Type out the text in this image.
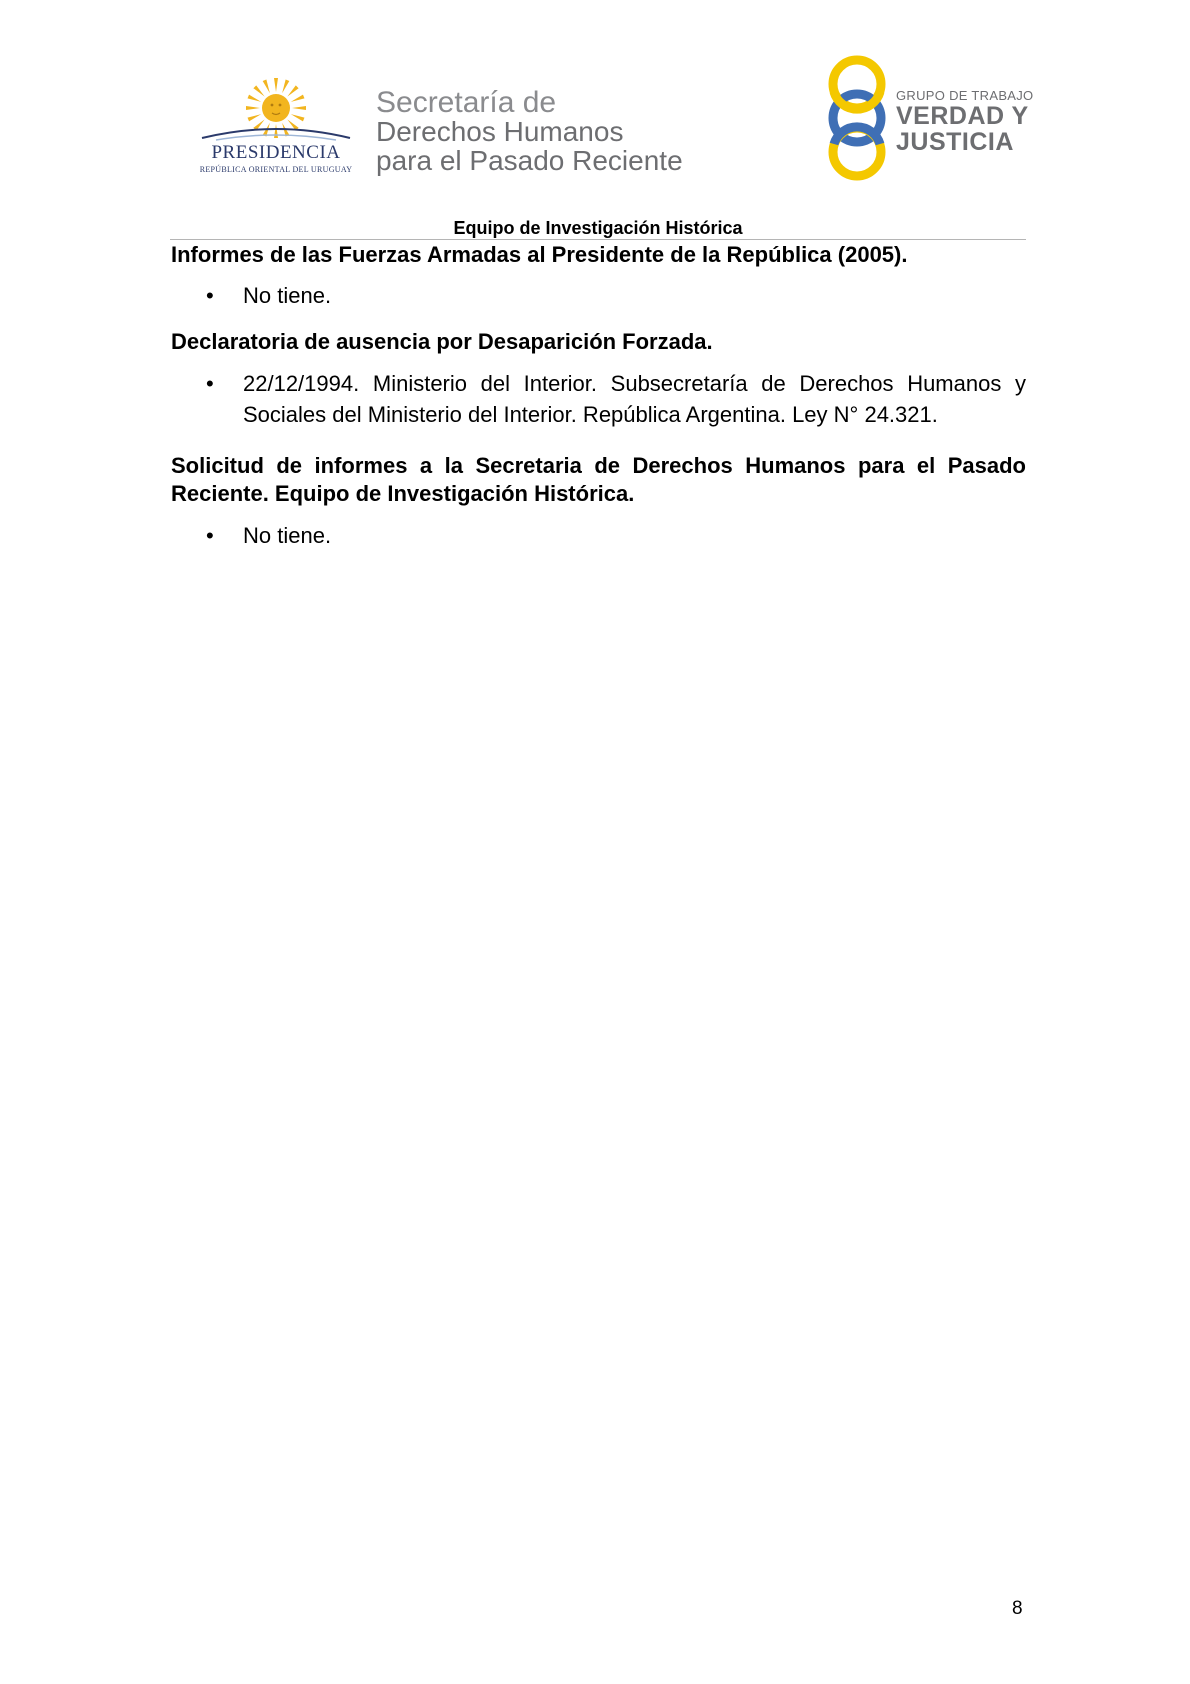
PRESIDENCIA
REPÚBLICA ORIENTAL DEL URUGUAY
Secretaría de
Derechos Humanos
para el Pasado Reciente
GRUPO DE TRABAJO
VERDAD Y
JUSTICIA
Equipo de Investigación Histórica

Informes de las Fuerzas Armadas al Presidente de la República (2005).

• No tiene.

Declaratoria de ausencia por Desaparición Forzada.

• 22/12/1994. Ministerio del Interior. Subsecretaría de Derechos Humanos y Sociales del Ministerio del Interior. República Argentina. Ley N° 24.321.

Solicitud de informes a la Secretaria de Derechos Humanos para el Pasado Reciente. Equipo de Investigación Histórica.

• No tiene.
8
